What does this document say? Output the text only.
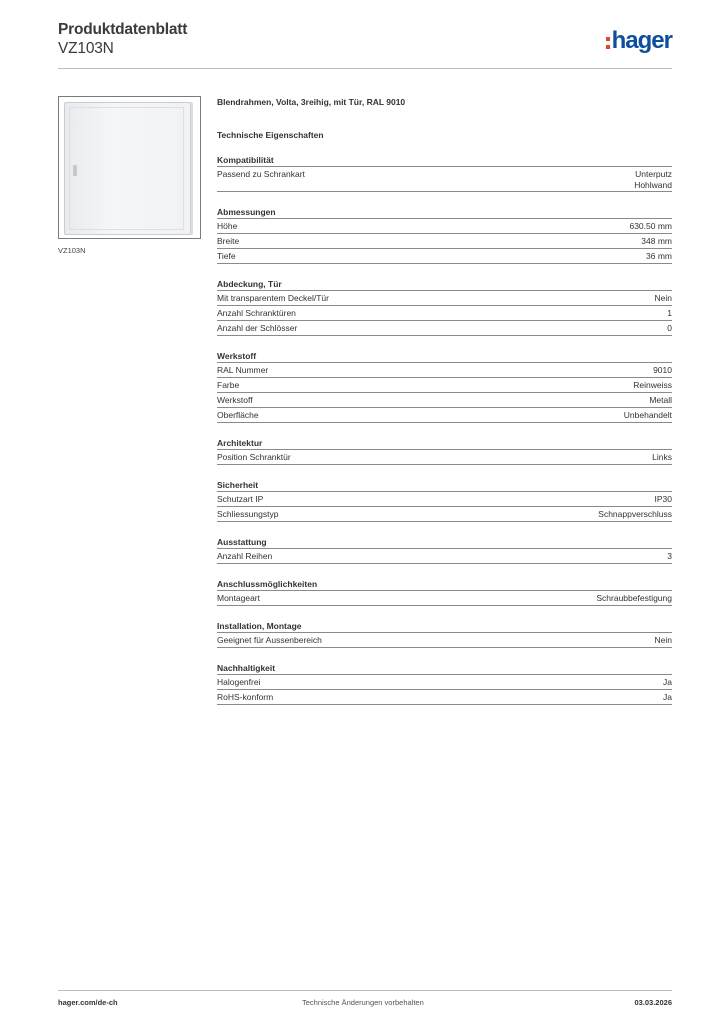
Produktdatenblatt
VZ103N	hager
VZ103N
Blendrahmen, Volta, 3reihig, mit Tür, RAL 9010
Technische Eigenschaften
Kompatibilität
Passend zu Schrankart	Unterputz
Hohlwand
Abmessungen
Höhe	630.50 mm
Breite	348 mm
Tiefe	36 mm
Abdeckung, Tür
Mit transparentem Deckel/Tür	Nein
Anzahl Schranktüren	1
Anzahl der Schlösser	0
Werkstoff
RAL Nummer	9010
Farbe	Reinweiss
Werkstoff	Metall
Oberfläche	Unbehandelt
Architektur
Position Schranktür	Links
Sicherheit
Schutzart IP	IP30
Schliessungstyp	Schnappverschluss
Ausstattung
Anzahl Reihen	3
Anschlussmöglichkeiten
Montageart	Schraubbefestigung
Installation, Montage
Geeignet für Aussenbereich	Nein
Nachhaltigkeit
Halogenfrei	Ja
RoHS-konform	Ja
hager.com/de-ch	Technische Änderungen vorbehalten	03.03.2026
